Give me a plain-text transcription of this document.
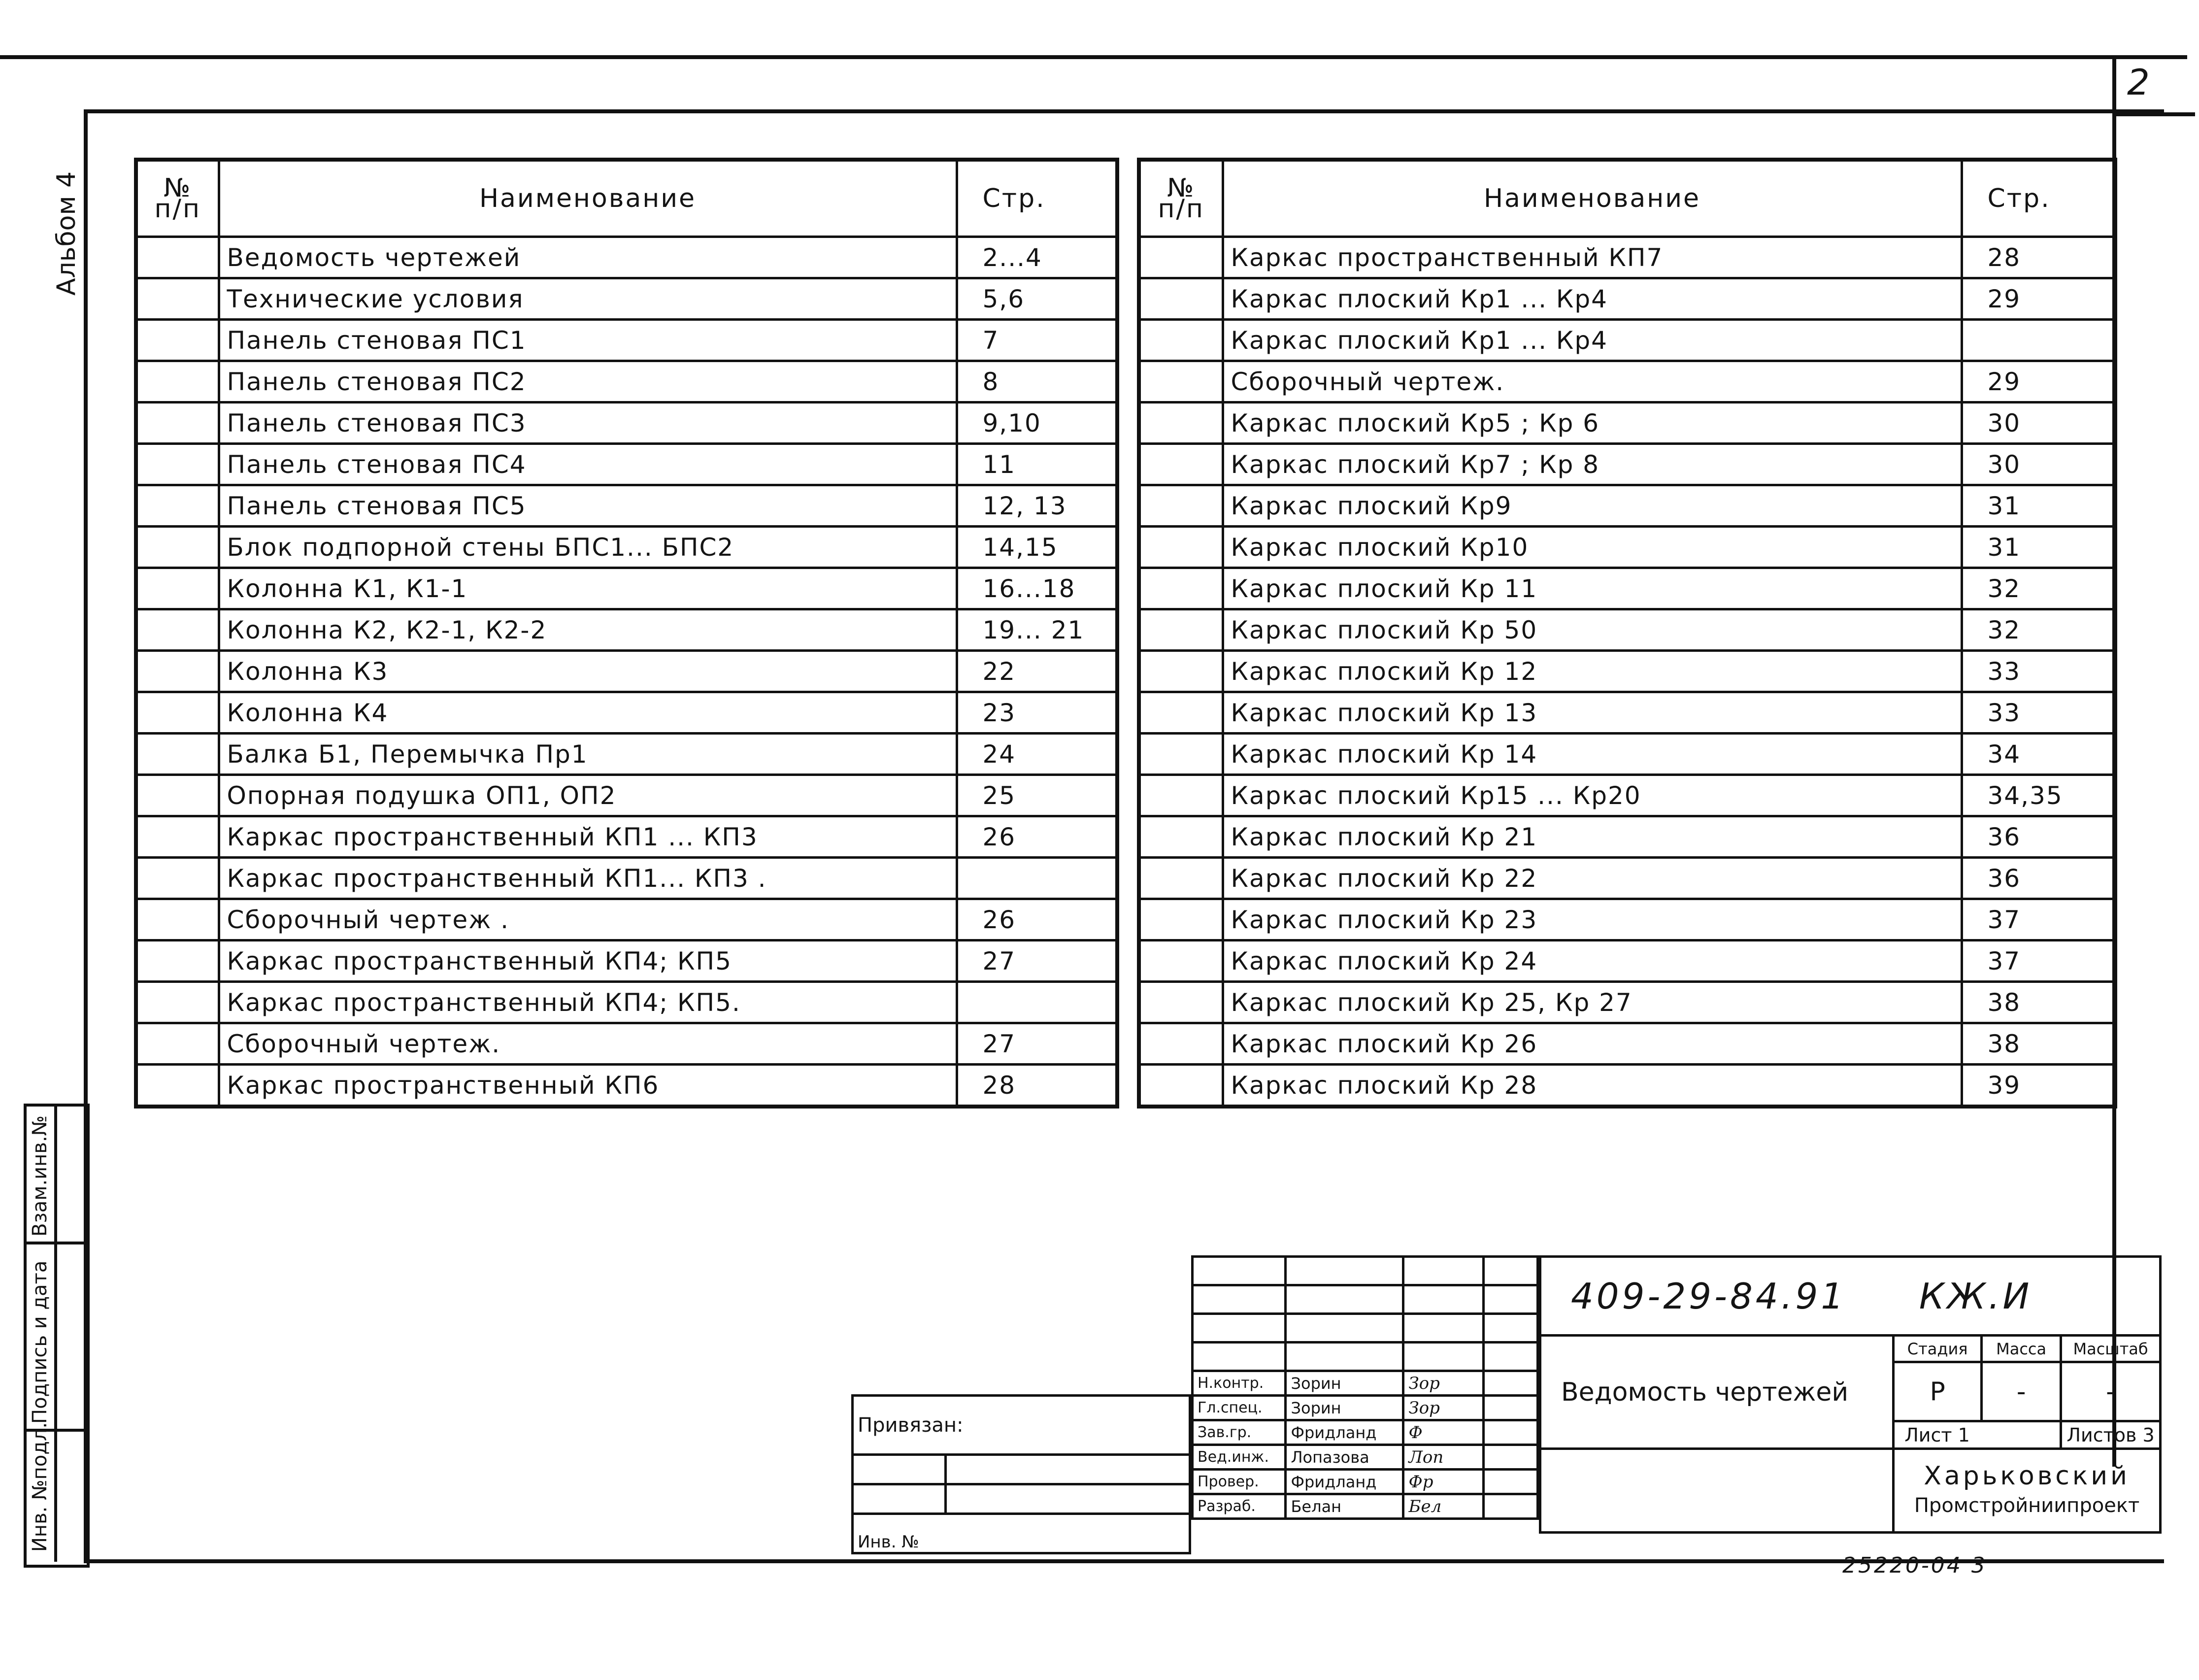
2
Альбом 4
Инв. №подл.
Подпись и дата
Взам.инв.№
№
п/п	Наименование	Стр.
	Ведомость чертежей	2...4
	Технические условия	5,6
	Панель стеновая ПС1	7
	Панель стеновая ПС2	8
	Панель стеновая ПС3	9,10
	Панель стеновая ПС4	11
	Панель стеновая ПС5	12, 13
	Блок подпорной стены БПС1... БПС2	14,15
	Колонна К1, К1-1	16...18
	Колонна К2, К2-1, К2-2	19... 21
	Колонна К3	22
	Колонна К4	23
	Балка Б1, Перемычка Пр1	24
	Опорная подушка ОП1, ОП2	25
	Каркас пространственный КП1 ... КП3	26
	Каркас пространственный КП1... КП3 .	
	Сборочный чертеж .	26
	Каркас пространственный КП4; КП5	27
	Каркас пространственный КП4; КП5.	
	Сборочный чертеж.	27
	Каркас пространственный КП6	28
№
п/п	Наименование	Стр.
	Каркас пространственный КП7	28
	Каркас плоский Кр1 ... Кр4	29
	Каркас плоский Кр1 ... Кр4	
	Сборочный чертеж.	29
	Каркас плоский Кр5 ; Кр 6	30
	Каркас плоский Кр7 ; Кр 8	30
	Каркас плоский Кр9	31
	Каркас плоский Кр10	31
	Каркас плоский Кр 11	32
	Каркас плоский Кр 50	32
	Каркас плоский Кр 12	33
	Каркас плоский Кр 13	33
	Каркас плоский Кр 14	34
	Каркас плоский Кр15 ... Кр20	34,35
	Каркас плоский Кр 21	36
	Каркас плоский Кр 22	36
	Каркас плоский Кр 23	37
	Каркас плоский Кр 24	37
	Каркас плоский Кр 25, Кр 27	38
	Каркас плоский Кр 26	38
	Каркас плоский Кр 28	39
Привязан:	

Инв. №	

Н.контр.	Зорин	Зор	
Гл.спец.	Зорин	Зор	
Зав.гр.	Фридланд	Ф	
Вед.инж.	Лопазова	Лоп	
Провер.	Фридланд	Фр	
Разраб.	Белан	Бел	
409-29-84.91 КЖ.И			
Ведомость чертежей	Стадия	Масса	Масштаб
	Р	-	-
	Лист 1		Листов 3

	Харьковский
Промстройниипроект		
25220-04 3
